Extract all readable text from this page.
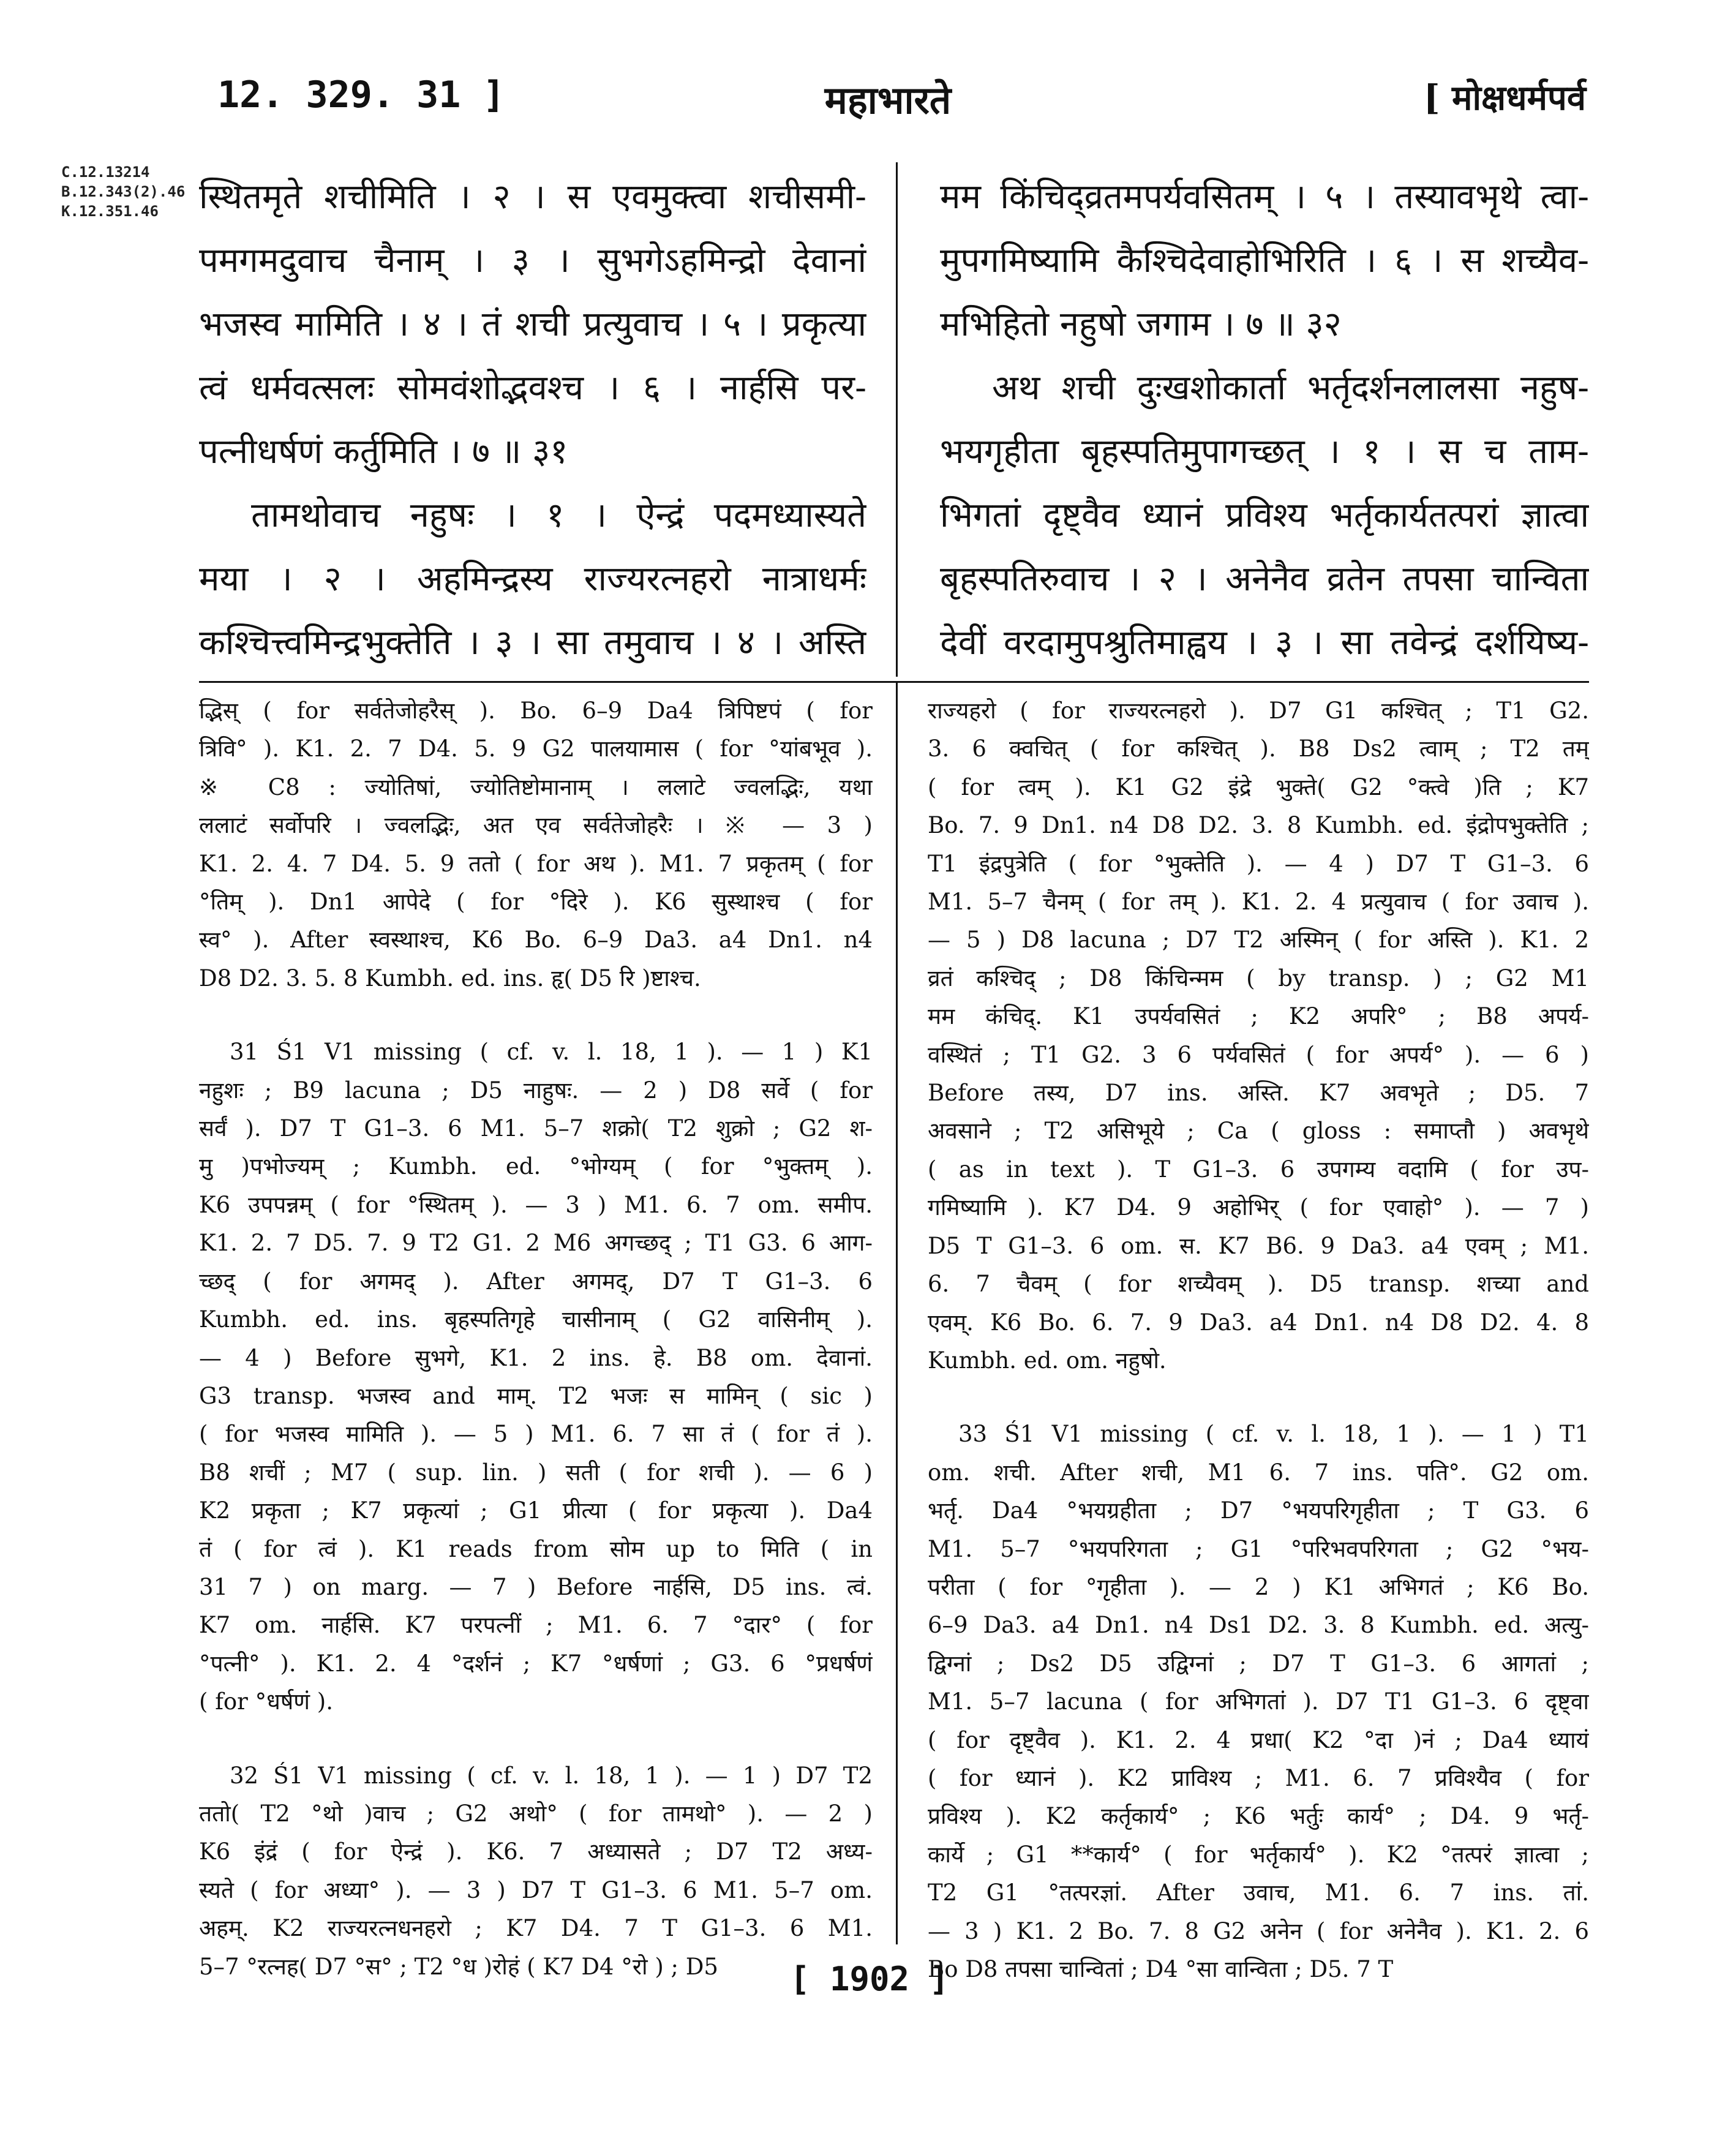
12. 329. 31 ]	महाभारते	[ मोक्षधर्मपर्व
C.12.13214
B.12.343(2).46
K.12.351.46	स्थितमृते शचीमिति । २ । स एवमुक्त्वा शचीसमी-
पमगमदुवाच चैनाम् । ३ । सुभगेऽहमिन्द्रो देवानां
भजस्व मामिति । ४ । तं शची प्रत्युवाच । ५ । प्रकृत्या
त्वं धर्मवत्सलः सोमवंशोद्भवश्च । ६ । नार्हसि पर-
पत्नीधर्षणं कर्तुमिति । ७ ॥ ३१
तामथोवाच नहुषः । १ । ऐन्द्रं पदमध्यास्यते
मया । २ । अहमिन्द्रस्य राज्यरत्नहरो नात्राधर्मः
कश्चित्त्वमिन्द्रभुक्तेति । ३ । सा तमुवाच । ४ । अस्ति
मम किंचिद्व्रतमपर्यवसितम् । ५ । तस्यावभृथे त्वा-
मुपगमिष्यामि कैश्चिदेवाहोभिरिति । ६ । स शच्यैव-
मभिहितो नहुषो जगाम । ७ ॥ ३२
अथ शची दुःखशोकार्ता भर्तृदर्शनलालसा नहुष-
भयगृहीता बृहस्पतिमुपागच्छत् । १ । स च ताम-
भिगतां दृष्ट्वैव ध्यानं प्रविश्य भर्तृकार्यतत्परां ज्ञात्वा
बृहस्पतिरुवाच । २ । अनेनैव व्रतेन तपसा चान्विता
देवीं वरदामुपश्रुतिमाह्वय । ३ । सा तवेन्द्रं दर्शयिष्य-
द्भिस् ( for सर्वतेजोहरैस् ). Bo. 6–9 Da4 त्रिपिष्टपं ( for
त्रिवि° ). K1. 2. 7 D4. 5. 9 G2 पालयामास ( for °यांबभूव ).
※ C8 : ज्योतिषां, ज्योतिष्टोमानाम् । ललाटे ज्वलद्भिः, यथा
ललाटं सर्वोपरि । ज्वलद्भिः, अत एव सर्वतेजोहरैः । ※ — 3 )
K1. 2. 4. 7 D4. 5. 9 ततो ( for अथ ). M1. 7 प्रकृतम् ( for
°तिम् ). Dn1 आपेदे ( for °दिरे ). K6 सुस्थाश्च ( for
स्व° ). After स्वस्थाश्च, K6 Bo. 6–9 Da3. a4 Dn1. n4
D8 D2. 3. 5. 8 Kumbh. ed. ins. हृ( D5 रि )ष्टाश्च.
31 Ś1 V1 missing ( cf. v. l. 18, 1 ). — 1 ) K1
नहुशः ; B9 lacuna ; D5 नाहुषः. — 2 ) D8 सर्वे ( for
सर्वं ). D7 T G1–3. 6 M1. 5–7 शक्रो( T2 शुक्रो ; G2 श-
मु )पभोज्यम् ; Kumbh. ed. °भोग्यम् ( for °भुक्तम् ).
K6 उपपन्नम् ( for °स्थितम् ). — 3 ) M1. 6. 7 om. समीप.
K1. 2. 7 D5. 7. 9 T2 G1. 2 M6 अगच्छद् ; T1 G3. 6 आग-
च्छद् ( for अगमद् ). After अगमद्, D7 T G1–3. 6
Kumbh. ed. ins. बृहस्पतिगृहे चासीनाम् ( G2 वासिनीम् ).
— 4 ) Before सुभगे, K1. 2 ins. हे. B8 om. देवानां.
G3 transp. भजस्व and माम्. T2 भजः स मामिन् ( sic )
( for भजस्व मामिति ). — 5 ) M1. 6. 7 सा तं ( for तं ).
B8 शचीं ; M7 ( sup. lin. ) सती ( for शची ). — 6 )
K2 प्रकृता ; K7 प्रकृत्यां ; G1 प्रीत्या ( for प्रकृत्या ). Da4
तं ( for त्वं ). K1 reads from सोम up to मिति ( in
31 7 ) on marg. — 7 ) Before नार्हसि, D5 ins. त्वं.
K7 om. नार्हसि. K7 परपत्नीं ; M1. 6. 7 °दार° ( for
°पत्नी° ). K1. 2. 4 °दर्शनं ; K7 °धर्षणां ; G3. 6 °प्रधर्षणं
( for °धर्षणं ).
32 Ś1 V1 missing ( cf. v. l. 18, 1 ). — 1 ) D7 T2
ततो( T2 °थो )वाच ; G2 अथो° ( for तामथो° ). — 2 )
K6 इंद्रं ( for ऐन्द्रं ). K6. 7 अध्यासते ; D7 T2 अध्य-
स्यते ( for अध्या° ). — 3 ) D7 T G1–3. 6 M1. 5–7 om.
अहम्. K2 राज्यरत्नधनहरो ; K7 D4. 7 T G1–3. 6 M1.
5–7 °रत्नह( D7 °स° ; T2 °ध )रोहं ( K7 D4 °रो ) ; D5
राज्यहरो ( for राज्यरत्नहरो ). D7 G1 कश्चित् ; T1 G2.
3. 6 क्वचित् ( for कश्चित् ). B8 Ds2 त्वाम् ; T2 तम्
( for त्वम् ). K1 G2 इंद्रे भुक्ते( G2 °क्त्वे )ति ; K7
Bo. 7. 9 Dn1. n4 D8 D2. 3. 8 Kumbh. ed. इंद्रोपभुक्तेति ;
T1 इंद्रपुत्रेति ( for °भुक्तेति ). — 4 ) D7 T G1–3. 6
M1. 5–7 चैनम् ( for तम् ). K1. 2. 4 प्रत्युवाच ( for उवाच ).
— 5 ) D8 lacuna ; D7 T2 अस्मिन् ( for अस्ति ). K1. 2
व्रतं कश्चिद् ; D8 किंचिन्मम ( by transp. ) ; G2 M1
मम कंचिद्. K1 उपर्यवसितं ; K2 अपरि° ; B8 अपर्य-
वस्थितं ; T1 G2. 3 6 पर्यवसितं ( for अपर्य° ). — 6 )
Before तस्य, D7 ins. अस्ति. K7 अवभृते ; D5. 7
अवसाने ; T2 असिभूये ; Ca ( gloss : समाप्तौ ) अवभृथे
( as in text ). T G1–3. 6 उपगम्य वदामि ( for उप-
गमिष्यामि ). K7 D4. 9 अहोभिर् ( for एवाहो° ). — 7 )
D5 T G1–3. 6 om. स. K7 B6. 9 Da3. a4 एवम् ; M1.
6. 7 चैवम् ( for शच्यैवम् ). D5 transp. शच्या and
एवम्. K6 Bo. 6. 7. 9 Da3. a4 Dn1. n4 D8 D2. 4. 8
Kumbh. ed. om. नहुषो.
33 Ś1 V1 missing ( cf. v. l. 18, 1 ). — 1 ) T1
om. शची. After शची, M1 6. 7 ins. पति°. G2 om.
भर्तृ. Da4 °भयग्रहीता ; D7 °भयपरिगृहीता ; T G3. 6
M1. 5–7 °भयपरिगता ; G1 °परिभवपरिगता ; G2 °भय-
परीता ( for °गृहीता ). — 2 ) K1 अभिगतं ; K6 Bo.
6–9 Da3. a4 Dn1. n4 Ds1 D2. 3. 8 Kumbh. ed. अत्यु-
द्विग्नां ; Ds2 D5 उद्विग्नां ; D7 T G1–3. 6 आगतां ;
M1. 5–7 lacuna ( for अभिगतां ). D7 T1 G1–3. 6 दृष्ट्वा
( for दृष्ट्वैव ). K1. 2. 4 प्रधा( K2 °दा )नं ; Da4 ध्यायं
( for ध्यानं ). K2 प्राविश्य ; M1. 6. 7 प्रविश्यैव ( for
प्रविश्य ). K2 कर्तृकार्य° ; K6 भर्तुः कार्य° ; D4. 9 भर्तृ-
कार्ये ; G1 **कार्य° ( for भर्तृकार्य° ). K2 °तत्परं ज्ञात्वा ;
T2 G1 °तत्परज्ञां. After उवाच, M1. 6. 7 ins. तां.
— 3 ) K1. 2 Bo. 7. 8 G2 अनेन ( for अनेनैव ). K1. 2. 6
Bo D8 तपसा चान्वितां ; D4 °सा वान्विता ; D5. 7 T
[ 1902 ]
